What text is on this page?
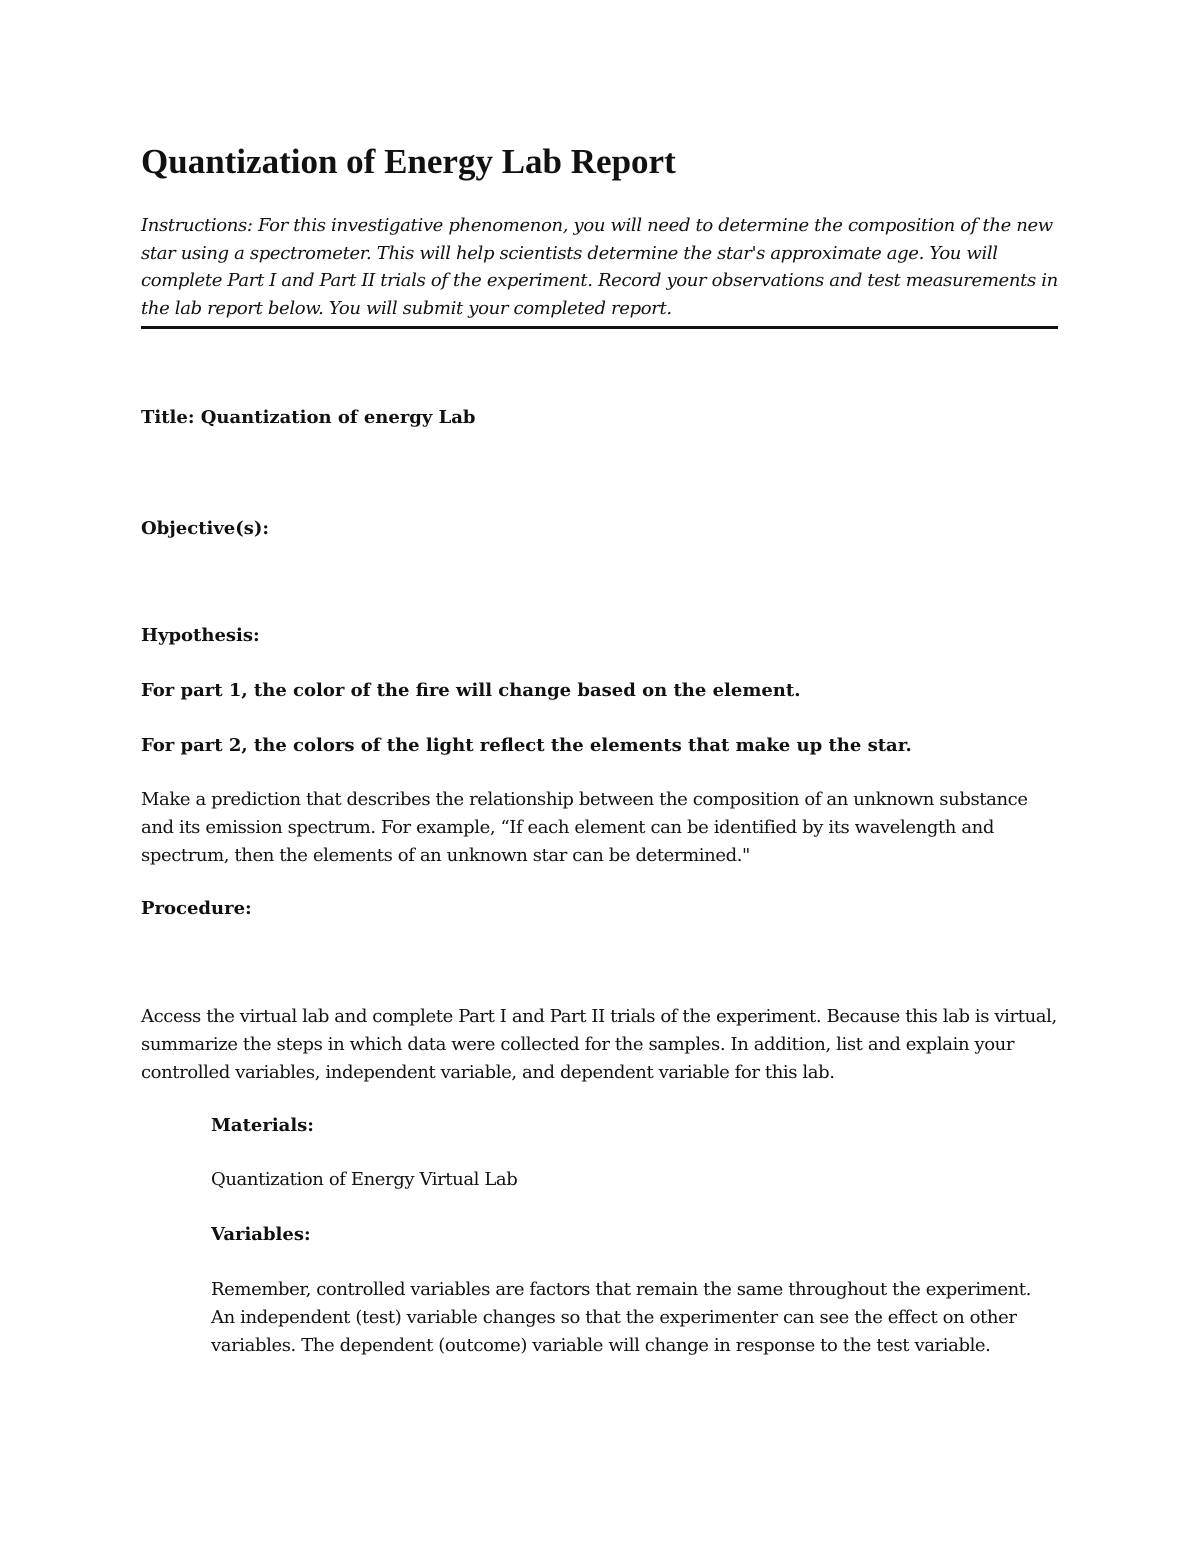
Quantization of Energy Lab Report

Instructions: For this investigative phenomenon, you will need to determine the composition of the new star using a spectrometer. This will help scientists determine the star's approximate age. You will complete Part I and Part II trials of the experiment. Record your observations and test measurements in the lab report below. You will submit your completed report.

Title: Quantization of energy Lab

Objective(s):

Hypothesis:

For part 1, the color of the fire will change based on the element.

For part 2, the colors of the light reflect the elements that make up the star.

Make a prediction that describes the relationship between the composition of an unknown substance and its emission spectrum. For example, “If each element can be identified by its wavelength and spectrum, then the elements of an unknown star can be determined."

Procedure:

Access the virtual lab and complete Part I and Part II trials of the experiment. Because this lab is virtual, summarize the steps in which data were collected for the samples. In addition, list and explain your controlled variables, independent variable, and dependent variable for this lab.

Materials:

Quantization of Energy Virtual Lab

Variables:

Remember, controlled variables are factors that remain the same throughout the experiment. An independent (test) variable changes so that the experimenter can see the effect on other variables. The dependent (outcome) variable will change in response to the test variable.
